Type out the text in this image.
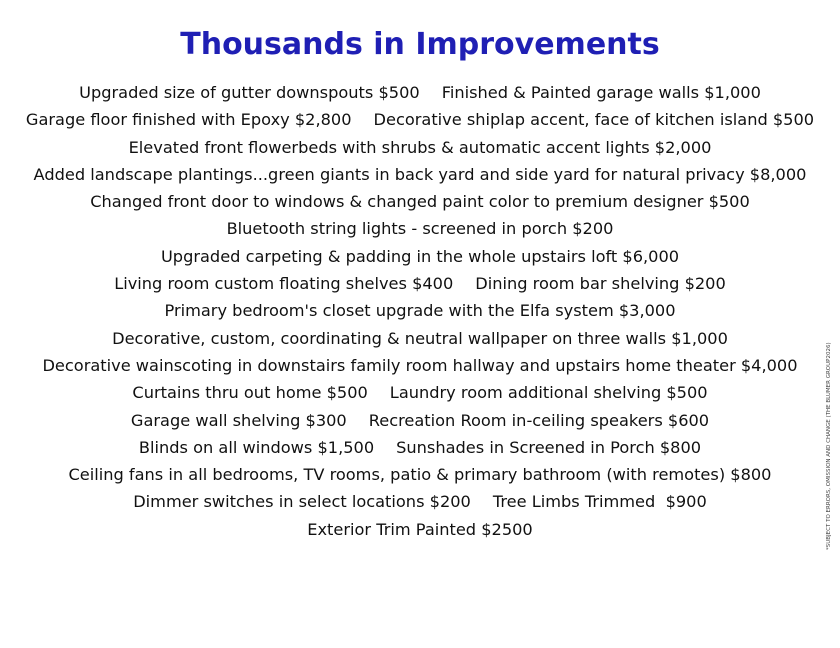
Thousands in Improvements
Upgraded size of gutter downspouts $500 Finished & Painted garage walls $1,000
Garage floor finished with Epoxy $2,800 Decorative shiplap accent, face of kitchen island $500
Elevated front flowerbeds with shrubs & automatic accent lights $2,000
Added landscape plantings...green giants in back yard and side yard for natural privacy $8,000
Changed front door to windows & changed paint color to premium designer $500
Bluetooth string lights - screened in porch $200
Upgraded carpeting & padding in the whole upstairs loft $6,000
Living room custom floating shelves $400 Dining room bar shelving $200
Primary bedroom's closet upgrade with the Elfa system $3,000
Decorative, custom, coordinating & neutral wallpaper on three walls $1,000
Decorative wainscoting in downstairs family room hallway and upstairs home theater $4,000
Curtains thru out home $500 Laundry room additional shelving $500
Garage wall shelving $300 Recreation Room in-ceiling speakers $600
Blinds on all windows $1,500 Sunshades in Screened in Porch $800
Ceiling fans in all bedrooms, TV rooms, patio & primary bathroom (with remotes) $800
Dimmer switches in select locations $200 Tree Limbs Trimmed  $900
Exterior Trim Painted $2500	*SUBJECT TO ERRORS, OMISSION AND CHANGE (THE BLUMER GROUP2026)
